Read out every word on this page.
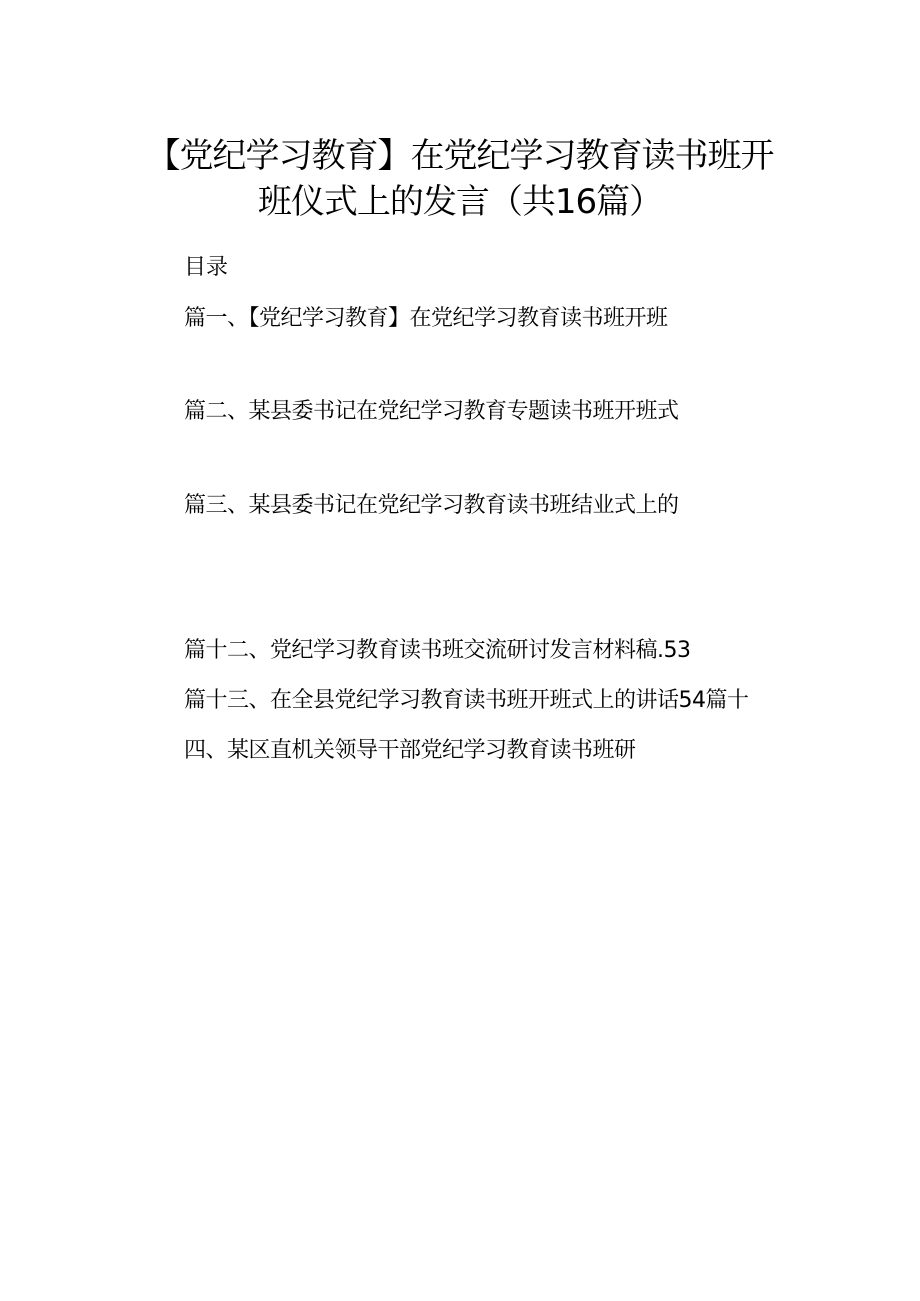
【党纪学习教育】在党纪学习教育读书班开
班仪式上的发言（共16篇）
目录
篇一、【党纪学习教育】在党纪学习教育读书班开班
篇二、某县委书记在党纪学习教育专题读书班开班式
篇三、某县委书记在党纪学习教育读书班结业式上的
篇十二、党纪学习教育读书班交流研讨发言材料稿.53
篇十三、在全县党纪学习教育读书班开班式上的讲话54篇十
四、某区直机关领导干部党纪学习教育读书班研
